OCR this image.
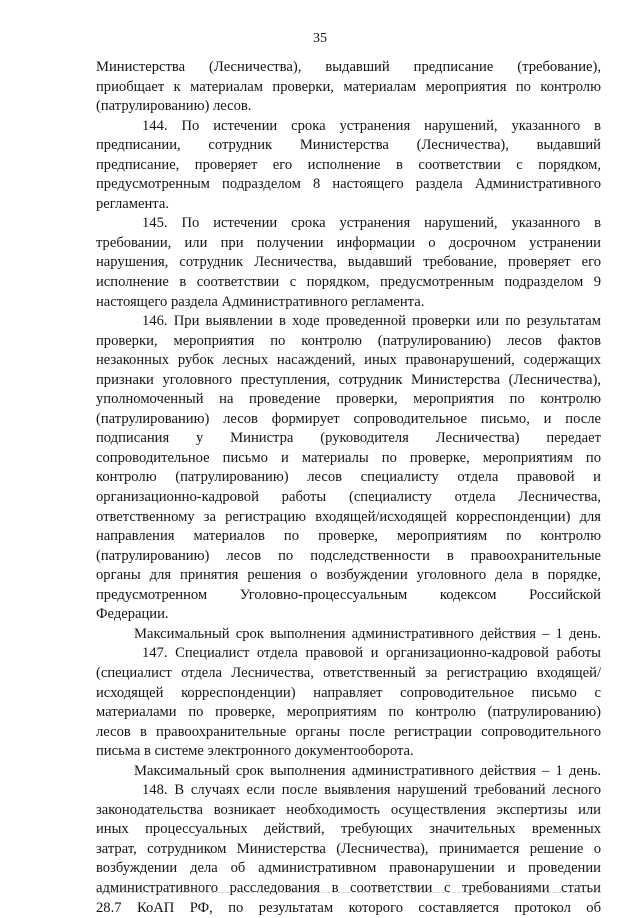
35
Министерства (Лесничества), выдавший предписание (требование),
приобщает к материалам проверки, материалам мероприятия по контролю
(патрулированию) лесов.
144. По истечении срока устранения нарушений, указанного в
предписании, сотрудник Министерства (Лесничества), выдавший
предписание, проверяет его исполнение в соответствии с порядком,
предусмотренным подразделом 8 настоящего раздела Административного
регламента.
145. По истечении срока устранения нарушений, указанного в
требовании, или при получении информации о досрочном устранении
нарушения, сотрудник Лесничества, выдавший требование, проверяет его
исполнение в соответствии с порядком, предусмотренным подразделом 9
настоящего раздела Административного регламента.
146. При выявлении в ходе проведенной проверки или по результатам
проверки, мероприятия по контролю (патрулированию) лесов фактов
незаконных рубок лесных насаждений, иных правонарушений, содержащих
признаки уголовного преступления, сотрудник Министерства (Лесничества),
уполномоченный на проведение проверки, мероприятия по контролю
(патрулированию) лесов формирует сопроводительное письмо, и после
подписания у Министра (руководителя Лесничества) передает
сопроводительное письмо и материалы по проверке, мероприятиям по
контролю (патрулированию) лесов специалисту отдела правовой и
организационно-кадровой работы (специалисту отдела Лесничества,
ответственному за регистрацию входящей/исходящей корреспонденции) для
направления материалов по проверке, мероприятиям по контролю
(патрулированию) лесов по подследственности в правоохранительные
органы для принятия решения о возбуждении уголовного дела в порядке,
предусмотренном Уголовно-процессуальным кодексом Российской
Федерации.
Максимальный срок выполнения административного действия – 1 день.
147. Специалист отдела правовой и организационно-кадровой работы
(специалист отдела Лесничества, ответственный за регистрацию входящей/
исходящей корреспонденции) направляет сопроводительное письмо с
материалами по проверке, мероприятиям по контролю (патрулированию)
лесов в правоохранительные органы после регистрации сопроводительного
письма в системе электронного документооборота.
Максимальный срок выполнения административного действия – 1 день.
148. В случаях если после выявления нарушений требований лесного
законодательства возникает необходимость осуществления экспертизы или
иных процессуальных действий, требующих значительных временных
затрат, сотрудником Министерства (Лесничества), принимается решение о
возбуждении дела об административном правонарушении и проведении
административного расследования в соответствии с требованиями статьи
28.7 КоАП РФ, по результатам которого составляется протокол об
